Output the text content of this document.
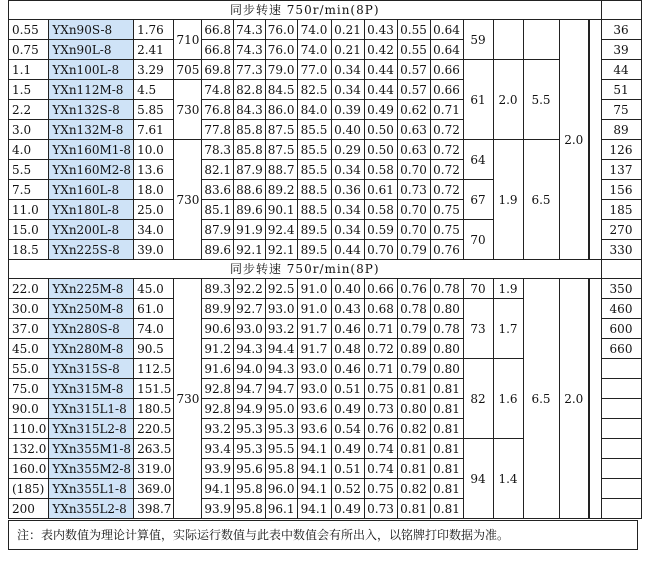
同步转速 750r/min(8P)																	
0.55	YXn90S-8	1.76	710	66.8	74.3	76.0	74.0	0.21	0.43	0.55	0.64	59			2.0		36
0.75	YXn90L-8	2.41		66.8	74.3	76.0	74.0	0.21	0.42	0.55	0.64						39
1.1	YXn100L-8	3.29	705	69.8	77.3	79.0	77.0	0.34	0.44	0.57	0.66	61	2.0	5.5			44
1.5	YXn112M-8	4.5	730	74.8	82.8	84.5	82.5	0.34	0.44	0.57	0.66						51
2.2	YXn132S-8	5.85		76.8	84.3	86.0	84.0	0.39	0.49	0.62	0.71						75
3.0	YXn132M-8	7.61		77.8	85.8	87.5	85.5	0.40	0.50	0.63	0.72						89
4.0	YXn160M1-8	10.0	730	78.3	85.8	87.5	85.5	0.29	0.50	0.63	0.72	64	1.9	6.5			126
5.5	YXn160M2-8	13.6		82.1	87.9	88.7	85.5	0.34	0.58	0.70	0.72						137
7.5	YXn160L-8	18.0		83.6	88.6	89.2	88.5	0.36	0.61	0.73	0.72	67					156
11.0	YXn180L-8	25.0		85.1	89.6	90.1	88.5	0.34	0.58	0.70	0.75						185
15.0	YXn200L-8	34.0		87.9	91.9	92.4	89.5	0.34	0.59	0.70	0.75	70					270
18.5	YXn225S-8	39.0		89.6	92.1	92.1	89.5	0.44	0.70	0.79	0.76						330
同步转速 750r/min(8P)																	
22.0	YXn225M-8	45.0	730	89.3	92.2	92.5	91.0	0.40	0.66	0.76	0.78	70	1.9	6.5	2.0		350
30.0	YXn250M-8	61.0		89.9	92.7	93.0	91.0	0.43	0.68	0.78	0.80	73	1.7				460
37.0	YXn280S-8	74.0		90.6	93.0	93.2	91.7	0.46	0.71	0.79	0.78						600
45.0	YXn280M-8	90.5		91.2	94.3	94.4	91.7	0.48	0.72	0.89	0.80						660
55.0	YXn315S-8	112.5		91.6	94.0	94.3	93.0	0.46	0.71	0.79	0.80	82	1.6				
75.0	YXn315M-8	151.5		92.8	94.7	94.7	93.0	0.51	0.75	0.81	0.81						
90.0	YXn315L1-8	180.5		92.8	94.9	95.0	93.6	0.49	0.73	0.80	0.81						
110.0	YXn315L2-8	220.5		93.2	95.3	95.3	93.6	0.54	0.76	0.82	0.81						
132.0	YXn355M1-8	263.5		93.4	95.3	95.5	94.1	0.49	0.74	0.81	0.81	94	1.4				
160.0	YXn355M2-8	319.0		93.9	95.6	95.8	94.1	0.51	0.74	0.81	0.81						
(185)	YXn355L1-8	369.0		94.1	95.8	96.0	94.1	0.52	0.75	0.82	0.81						
200	YXn355L2-8	398.7		93.9	95.8	96.1	94.1	0.49	0.73	0.81	0.81						
注：表内数值为理论计算值，实际运行数值与此表中数值会有所出入，以铭牌打印数据为准。
